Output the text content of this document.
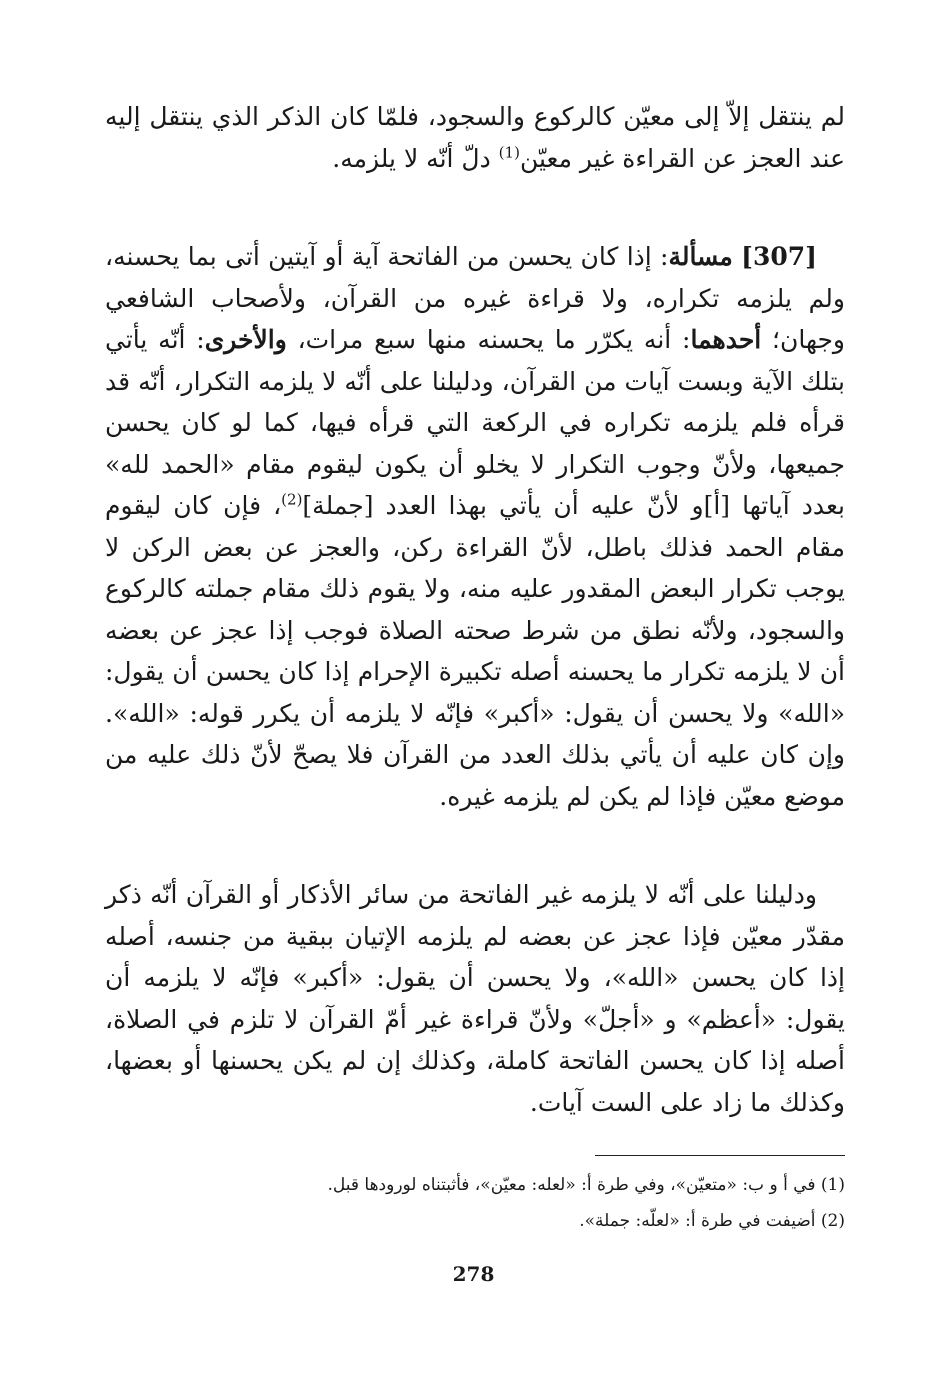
لم ينتقل إلاّ إلى معيّن كالركوع والسجود، فلمّا كان الذكر الذي ينتقل إليه عند العجز عن القراءة غير معيّن$^{(1)}$ دلّ أنّه لا يلزمه.

[307] مسألة: إذا كان يحسن من الفاتحة آية أو آيتين أتى بما يحسنه، ولم يلزمه تكراره، ولا قراءة غيره من القرآن، ولأصحاب الشافعي وجهان؛ أحدهما: أنه يكرّر ما يحسنه منها سبع مرات، والأخرى: أنّه يأتي بتلك الآية وبست آيات من القرآن، ودليلنا على أنّه لا يلزمه التكرار، أنّه قد قرأه فلم يلزمه تكراره في الركعة التي قرأه فيها، كما لو كان يحسن جميعها، ولأنّ وجوب التكرار لا يخلو أن يكون ليقوم مقام «الحمد لله» بعدد آياتها [أ]و لأنّ عليه أن يأتي بهذا العدد [جملة]$^{(2)}$، فإن كان ليقوم مقام الحمد فذلك باطل، لأنّ القراءة ركن، والعجز عن بعض الركن لا يوجب تكرار البعض المقدور عليه منه، ولا يقوم ذلك مقام جملته كالركوع والسجود، ولأنّه نطق من شرط صحته الصلاة فوجب إذا عجز عن بعضه أن لا يلزمه تكرار ما يحسنه أصله تكبيرة الإحرام إذا كان يحسن أن يقول: «الله» ولا يحسن أن يقول: «أكبر» فإنّه لا يلزمه أن يكرر قوله: «الله». وإن كان عليه أن يأتي بذلك العدد من القرآن فلا يصحّ لأنّ ذلك عليه من موضع معيّن فإذا لم يكن لم يلزمه غيره.

ودليلنا على أنّه لا يلزمه غير الفاتحة من سائر الأذكار أو القرآن أنّه ذكر مقدّر معيّن فإذا عجز عن بعضه لم يلزمه الإتيان ببقية من جنسه، أصله إذا كان يحسن «الله»، ولا يحسن أن يقول: «أكبر» فإنّه لا يلزمه أن يقول: «أعظم» و «أجلّ» ولأنّ قراءة غير أمّ القرآن لا تلزم في الصلاة، أصله إذا كان يحسن الفاتحة كاملة، وكذلك إن لم يكن يحسنها أو بعضها، وكذلك ما زاد على الست آيات.

(1) في أ و ب: «متعيّن»، وفي طرة أ: «لعله: معيّن»، فأثبتناه لورودها قبل.

(2) أضيفت في طرة أ: «لعلّه: جملة».

278
